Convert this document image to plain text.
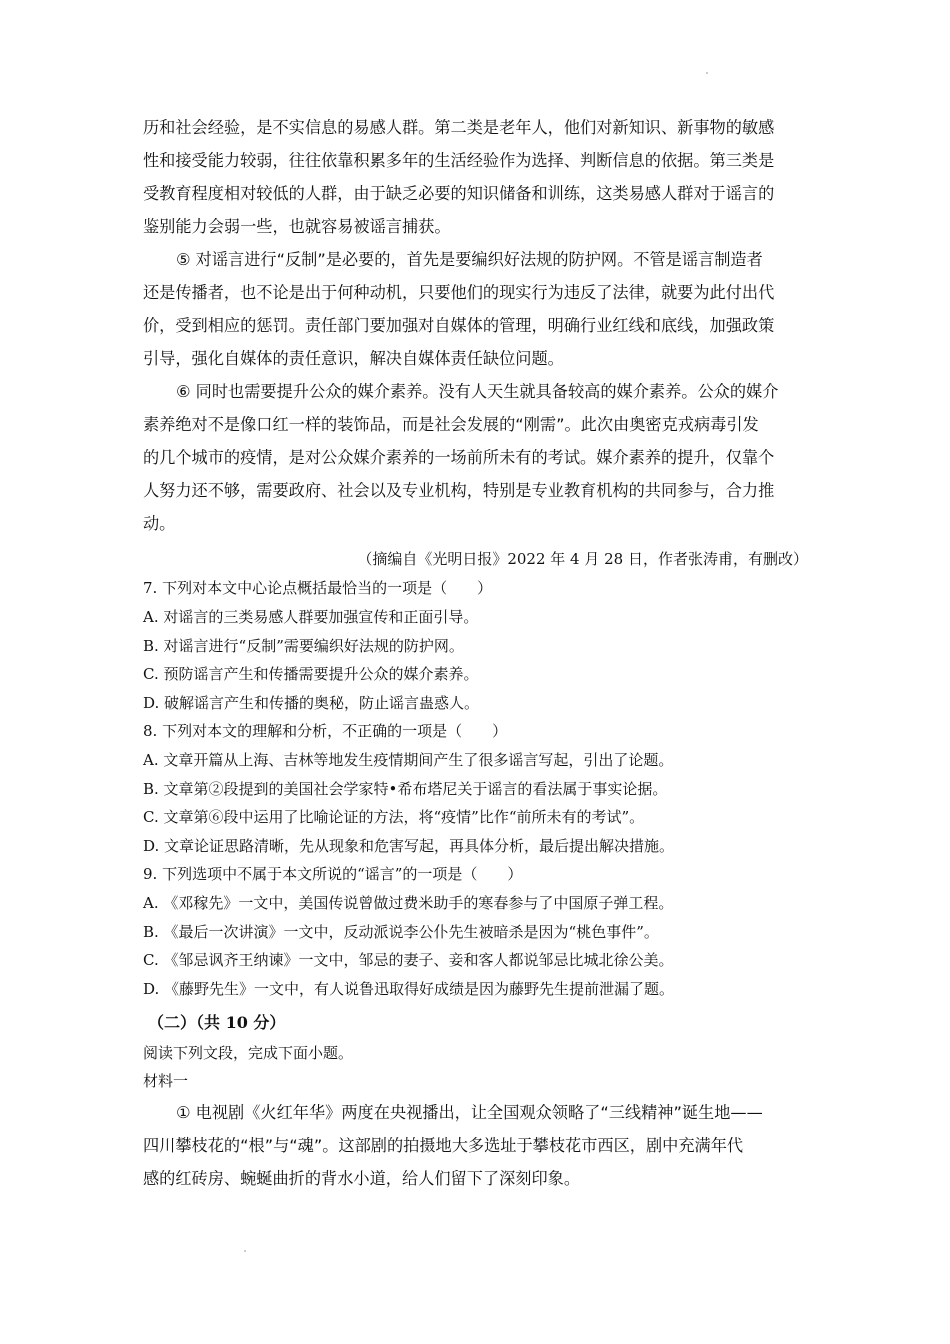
历和社会经验，是不实信息的易感人群。第二类是老年人，他们对新知识、新事物的敏感
性和接受能力较弱，往往依靠积累多年的生活经验作为选择、判断信息的依据。第三类是
受教育程度相对较低的人群，由于缺乏必要的知识储备和训练，这类易感人群对于谣言的
鉴别能力会弱一些，也就容易被谣言捕获。
⑤ 对谣言进行“反制”是必要的，首先是要编织好法规的防护网。不管是谣言制造者
还是传播者，也不论是出于何种动机，只要他们的现实行为违反了法律，就要为此付出代
价，受到相应的惩罚。责任部门要加强对自媒体的管理，明确行业红线和底线，加强政策
引导，强化自媒体的责任意识，解决自媒体责任缺位问题。
⑥ 同时也需要提升公众的媒介素养。没有人天生就具备较高的媒介素养。公众的媒介
素养绝对不是像口红一样的装饰品，而是社会发展的“刚需”。此次由奥密克戎病毒引发
的几个城市的疫情，是对公众媒介素养的一场前所未有的考试。媒介素养的提升，仅靠个
人努力还不够，需要政府、社会以及专业机构，特别是专业教育机构的共同参与，合力推
动。
（摘编自《光明日报》2022 年 4 月 28 日，作者张涛甫，有删改）
7. 下列对本文中心论点概括最恰当的一项是（　　）
A. 对谣言的三类易感人群要加强宣传和正面引导。
B. 对谣言进行“反制”需要编织好法规的防护网。
C. 预防谣言产生和传播需要提升公众的媒介素养。
D. 破解谣言产生和传播的奥秘，防止谣言蛊惑人。
8. 下列对本文的理解和分析，不正确的一项是（　　）
A. 文章开篇从上海、吉林等地发生疫情期间产生了很多谣言写起，引出了论题。
B. 文章第②段提到的美国社会学家特•希布塔尼关于谣言的看法属于事实论据。
C. 文章第⑥段中运用了比喻论证的方法，将“疫情”比作“前所未有的考试”。
D. 文章论证思路清晰，先从现象和危害写起，再具体分析，最后提出解决措施。
9. 下列选项中不属于本文所说的“谣言”的一项是（　　）
A. 《邓稼先》一文中，美国传说曾做过费米助手的寒春参与了中国原子弹工程。
B. 《最后一次讲演》一文中，反动派说李公仆先生被暗杀是因为“桃色事件”。
C. 《邹忌讽齐王纳谏》一文中，邹忌的妻子、妾和客人都说邹忌比城北徐公美。
D. 《藤野先生》一文中，有人说鲁迅取得好成绩是因为藤野先生提前泄漏了题。
（二）（共 10 分）
阅读下列文段，完成下面小题。
材料一
① 电视剧《火红年华》两度在央视播出，让全国观众领略了“三线精神”诞生地——
四川攀枝花的“根”与“魂”。这部剧的拍摄地大多选址于攀枝花市西区，剧中充满年代
感的红砖房、蜿蜒曲折的背水小道，给人们留下了深刻印象。
